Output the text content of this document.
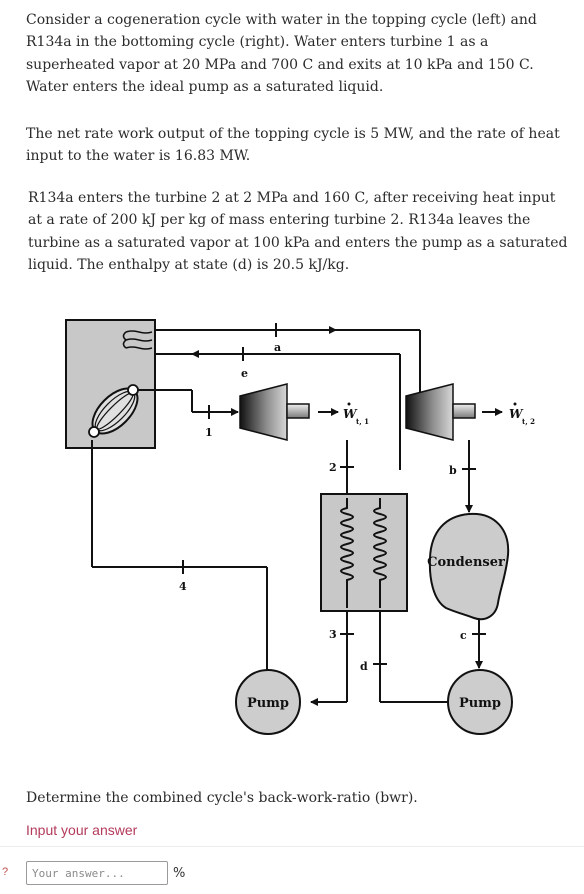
Consider a cogeneration cycle with water in the topping cycle (left) and R134a in the bottoming cycle (right). Water enters turbine 1 as a superheated vapor at 20 MPa and 700 C and exits at 10 kPa and 150 C. Water enters the ideal pump as a saturated liquid.

The net rate work output of the topping cycle is 5 MW, and the rate of heat input to the water is 16.83 MW.

R134a enters the turbine 2 at 2 MPa and 160 C, after receiving heat input at a rate of 200 kJ per kg of mass entering turbine 2. R134a leaves the turbine as a saturated vapor at 100 kPa and enters the pump as a saturated liquid. The enthalpy at state (d) is 20.5 kJ/kg.

Condenser
Pump	Pump
a
e
1
2
3
4
b
c
d
W
t, 1
W
t, 2

Determine the combined cycle's back-work-ratio (bwr).

Input your answer
?
Your answer...	%
